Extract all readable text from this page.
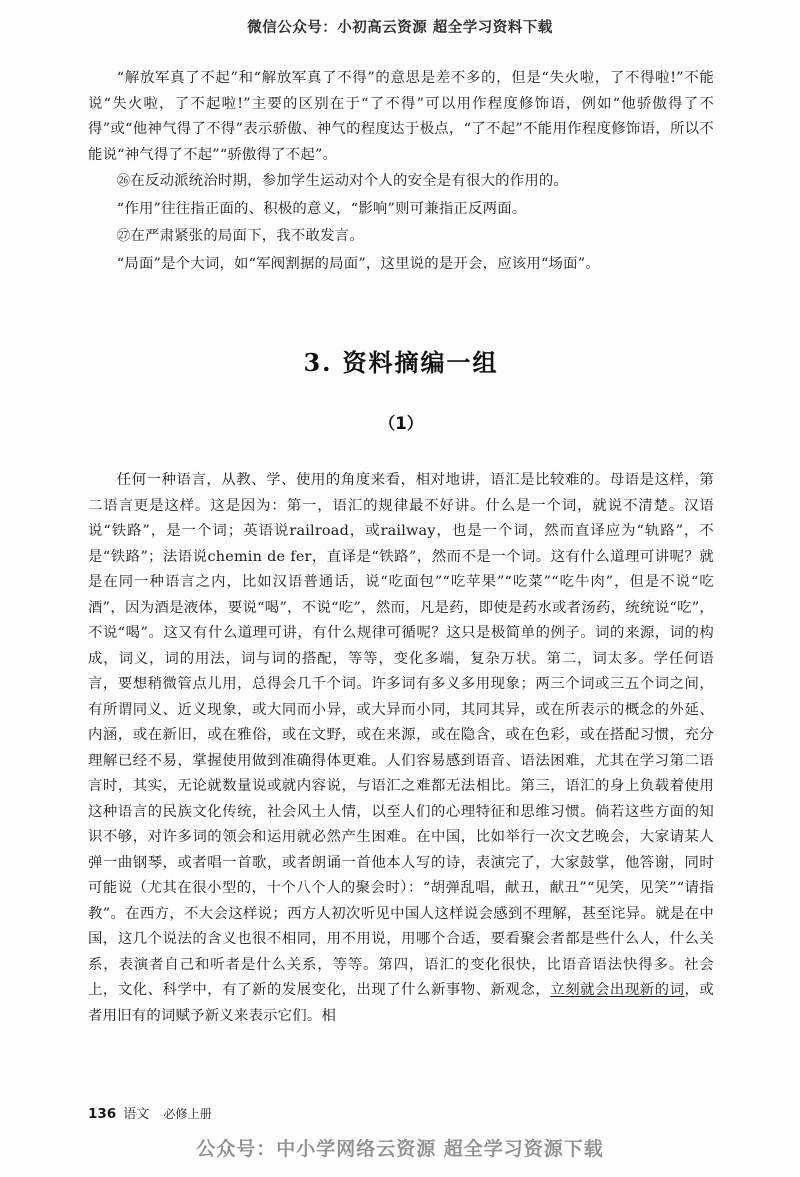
微信公众号：小初高云资源 超全学习资料下载

“解放军真了不起”和“解放军真了不得”的意思是差不多的，但是“失火啦，了不得啦!”不能说“失火啦，了不起啦!”主要的区别在于“了不得”可以用作程度修饰语，例如“他骄傲得了不得”或“他神气得了不得”表示骄傲、神气的程度达于极点，“了不起”不能用作程度修饰语，所以不能说“神气得了不起”“骄傲得了不起”。

㉖在反动派统治时期，参加学生运动对个人的安全是有很大的作用的。

“作用”往往指正面的、积极的意义，“影响”则可兼指正反两面。

㉗在严肃紧张的局面下，我不敢发言。

“局面”是个大词，如“军阀割据的局面”，这里说的是开会，应该用“场面”。

3. 资料摘编一组
（1）

任何一种语言，从教、学、使用的角度来看，相对地讲，语汇是比较难的。母语是这样，第二语言更是这样。这是因为：第一，语汇的规律最不好讲。什么是一个词，就说不清楚。汉语说“铁路”，是一个词；英语说railroad，或railway，也是一个词，然而直译应为“轨路”，不是“铁路”；法语说chemin de fer，直译是“铁路”，然而不是一个词。这有什么道理可讲呢？就是在同一种语言之内，比如汉语普通话，说“吃面包”“吃苹果”“吃菜”“吃牛肉”，但是不说“吃酒”，因为酒是液体，要说“喝”，不说“吃”，然而，凡是药，即使是药水或者汤药，统统说“吃”，不说“喝”。这又有什么道理可讲，有什么规律可循呢？这只是极简单的例子。词的来源，词的构成，词义，词的用法，词与词的搭配，等等，变化多端，复杂万状。第二，词太多。学任何语言，要想稍微管点儿用，总得会几千个词。许多词有多义多用现象；两三个词或三五个词之间，有所谓同义、近义现象，或大同而小异，或大异而小同，其同其异，或在所表示的概念的外延、内涵，或在新旧，或在雅俗，或在文野，或在来源，或在隐含，或在色彩，或在搭配习惯，充分理解已经不易，掌握使用做到准确得体更难。人们容易感到语音、语法困难，尤其在学习第二语言时，其实，无论就数量说或就内容说，与语汇之难都无法相比。第三，语汇的身上负载着使用这种语言的民族文化传统，社会风土人情，以至人们的心理特征和思维习惯。倘若这些方面的知识不够，对许多词的领会和运用就必然产生困难。在中国，比如举行一次文艺晚会，大家请某人弹一曲钢琴，或者唱一首歌，或者朗诵一首他本人写的诗，表演完了，大家鼓掌，他答谢，同时可能说（尤其在很小型的，十个八个人的聚会时）：“胡弹乱唱，献丑，献丑”“见笑，见笑”“请指教”。在西方，不大会这样说；西方人初次听见中国人这样说会感到不理解，甚至诧异。就是在中国，这几个说法的含义也很不相同，用不用说，用哪个合适，要看聚会者都是些什么人，什么关系，表演者自己和听者是什么关系，等等。第四，语汇的变化很快，比语音语法快得多。社会上，文化、科学中，有了新的发展变化，出现了什么新事物、新观念，立刻就会出现新的词，或者用旧有的词赋予新义来表示它们。相

136 语文 必修上册
公众号：中小学网络云资源 超全学习资源下载
